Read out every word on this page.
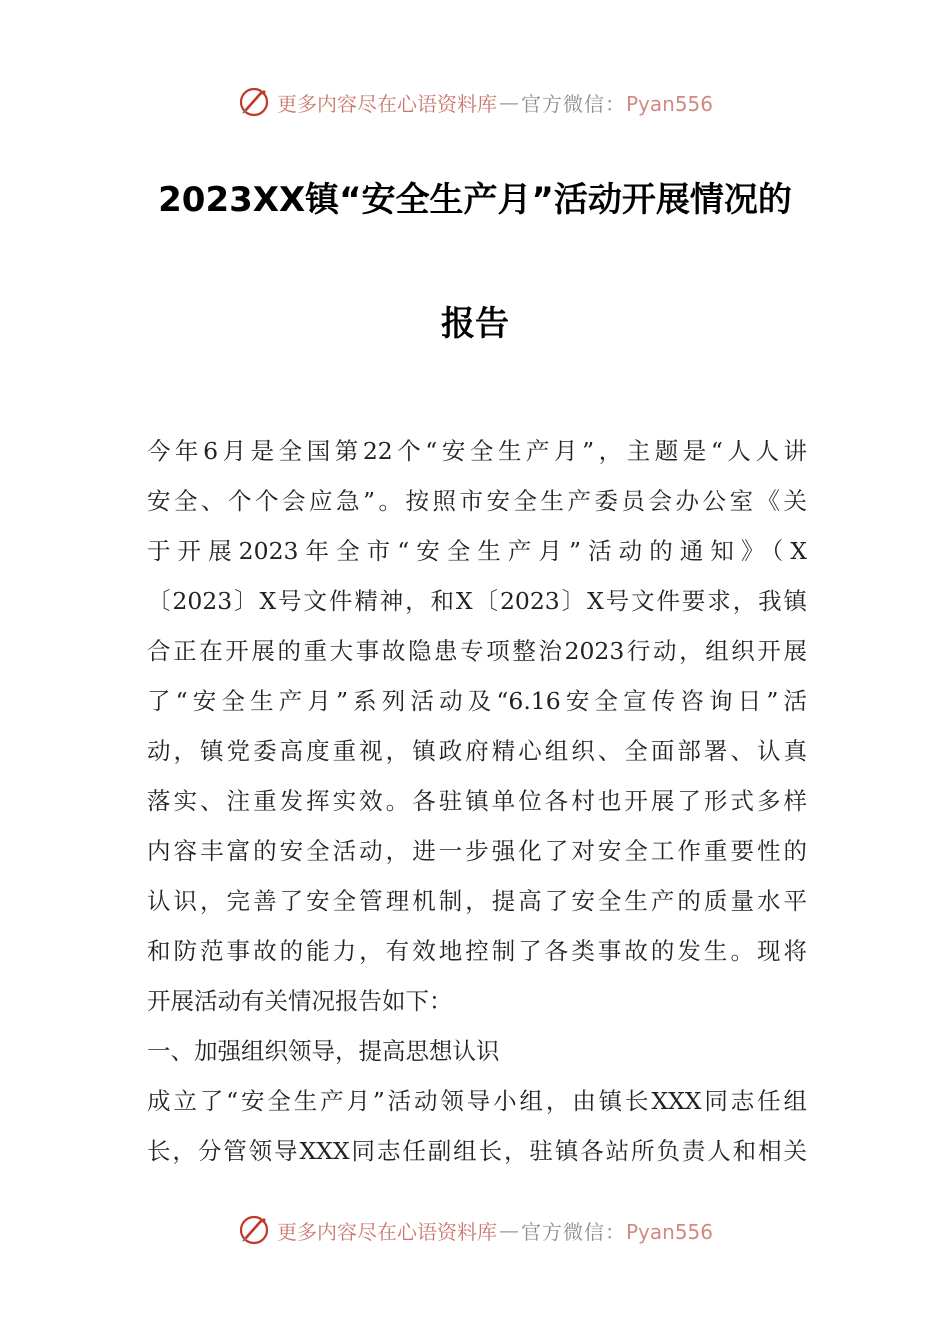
更多内容尽在心语资料库 — 官方微信：Pyan556
2023XX镇“安全生产月”活动开展情况的
报告
今年6月是全国第22个“安全生产月”，主题是“人人讲
安全、个个会应急”。按照市安全生产委员会办公室《关
于开展2023年全市“安全生产月”活动的通知》（X
〔2023〕X号文件精神，和X〔2023〕X号文件要求，我镇
合正在开展的重大事故隐患专项整治2023行动，组织开展
了“安全生产月”系列活动及“6.16安全宣传咨询日”活
动，镇党委高度重视，镇政府精心组织、全面部署、认真
落实、注重发挥实效。各驻镇单位各村也开展了形式多样
内容丰富的安全活动，进一步强化了对安全工作重要性的
认识，完善了安全管理机制，提高了安全生产的质量水平
和防范事故的能力，有效地控制了各类事故的发生。现将
开展活动有关情况报告如下：
一、加强组织领导，提高思想认识
成立了“安全生产月”活动领导小组，由镇长XXX同志任组
长，分管领导XXX同志任副组长，驻镇各站所负责人和相关
更多内容尽在心语资料库 — 官方微信：Pyan556
